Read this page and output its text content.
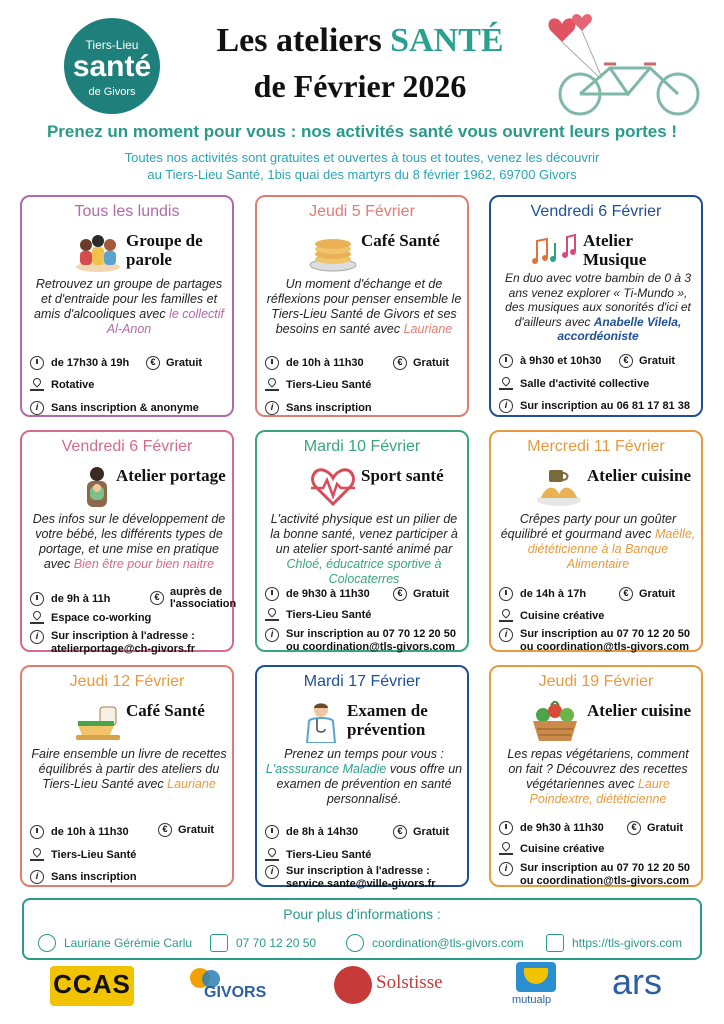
Tiers-Lieu
santé
de Givors
Les ateliers SANTÉ
de Février 2026
Prenez un moment pour vous : nos activités santé vous ouvrent leurs portes !
Toutes nos activités sont gratuites et ouvertes à tous et toutes, venez les découvrir
au Tiers-Lieu Santé, 1bis quai des martyrs du 8 février 1962, 69700 Givors
Tous les lundis
Groupe de parole
Retrouvez un groupe de partages et d'entraide pour les familles et amis d'alcooliques avec le collectif Al-Anon
de 17h30 à 19h	€ Gratuit
Rotative
i	Sans inscription & anonyme
Jeudi 5 Février
Café Santé
Un moment d'échange et de réflexions pour penser ensemble le Tiers-Lieu Santé de Givors et ses besoins en santé avec Lauriane
de 10h à 11h30	€ Gratuit
Tiers-Lieu Santé
i	Sans inscription
Vendredi 6 Février
Atelier Musique
En duo avec votre bambin de 0 à 3 ans venez explorer « Ti-Mundo », des musiques aux sonorités d'ici et d'ailleurs avec Anabelle Vilela, accordéoniste
à 9h30 et 10h30	€ Gratuit
Salle d'activité collective
i	Sur inscription au 06 81 17 81 38
Vendredi 6 Février
Atelier portage
Des infos sur le développement de votre bébé, les différents types de portage, et une mise en pratique avec Bien être pour bien naitre
de 9h à 11h	€ auprès de l'association
Espace co-working
i	Sur inscription à l'adresse : atelierportage@ch-givors.fr
Mardi 10 Février
Sport santé
L'activité physique est un pilier de la bonne santé, venez participer à un atelier sport-santé animé par Chloé, éducatrice sportive à Colocaterres
de 9h30 à 11h30	€ Gratuit
Tiers-Lieu Santé
i	Sur inscription au 07 70 12 20 50 ou coordination@tls-givors.com
Mercredi 11 Février
Atelier cuisine
Crêpes party pour un goûter équilibré et gourmand avec Maëlle, diététicienne à la Banque Alimentaire
de 14h à 17h	€ Gratuit
Cuisine créative
i	Sur inscription au 07 70 12 20 50 ou coordination@tls-givors.com
Jeudi 12 Février
Café Santé
Faire ensemble un livre de recettes équilibrés à partir des ateliers du Tiers-Lieu Santé avec Lauriane
de 10h à 11h30	€ Gratuit
Tiers-Lieu Santé
i	Sans inscription
Mardi 17 Février
Examen de prévention
Prenez un temps pour vous : L'asssurance Maladie vous offre un examen de prévention en santé personnalisé.
de 8h à 14h30	€ Gratuit
Tiers-Lieu Santé
i	Sur inscription à l'adresse : service.sante@ville-givors.fr
Jeudi 19 Février
Atelier cuisine
Les repas végétariens, comment on fait ? Découvrez des recettes végétariennes avec Laure Poindextre, diététicienne
de 9h30 à 11h30	€ Gratuit
Cuisine créative
i	Sur inscription au 07 70 12 20 50 ou coordination@tls-givors.com
Pour plus d'informations :
Lauriane Gérémie Carlu	07 70 12 20 50	coordination@tls-givors.com	https://tls-givors.com
CCAS	GIVORS	Solstisse
mutualp ars
